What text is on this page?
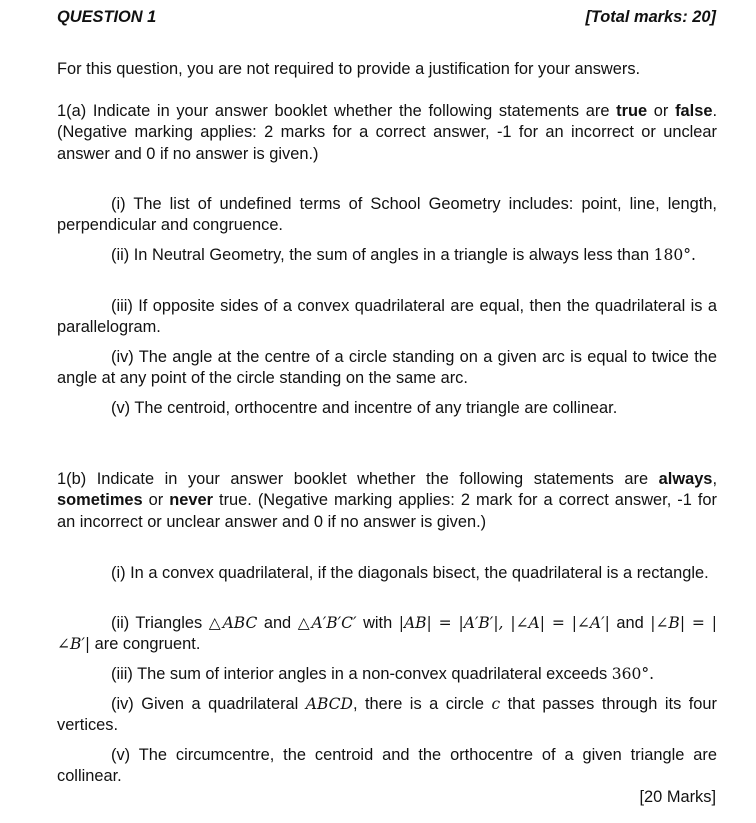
QUESTION 1	[Total marks: 20]
For this question, you are not required to provide a justification for your answers.
1(a) Indicate in your answer booklet whether the following statements are true or false. (Negative marking applies: 2 marks for a correct answer, -1 for an incorrect or unclear answer and 0 if no answer is given.)
(i) The list of undefined terms of School Geometry includes: point, line, length, perpendicular and congruence.
(ii) In Neutral Geometry, the sum of angles in a triangle is always less than 180°.
(iii) If opposite sides of a convex quadrilateral are equal, then the quadrilateral is a parallelogram.
(iv) The angle at the centre of a circle standing on a given arc is equal to twice the angle at any point of the circle standing on the same arc.
(v) The centroid, orthocentre and incentre of any triangle are collinear.
1(b) Indicate in your answer booklet whether the following statements are always, sometimes or never true. (Negative marking applies: 2 mark for a correct answer, -1 for an incorrect or unclear answer and 0 if no answer is given.)
(i) In a convex quadrilateral, if the diagonals bisect, the quadrilateral is a rectangle.
(ii) Triangles △ABC and △A′B′C′ with |AB| = |A′B′|, |∠A| = |∠A′| and |∠B| = |∠B′| are congruent.
(iii) The sum of interior angles in a non-convex quadrilateral exceeds 360°.
(iv) Given a quadrilateral ABCD, there is a circle c that passes through its four vertices.
(v) The circumcentre, the centroid and the orthocentre of a given triangle are collinear.
[20 Marks]
